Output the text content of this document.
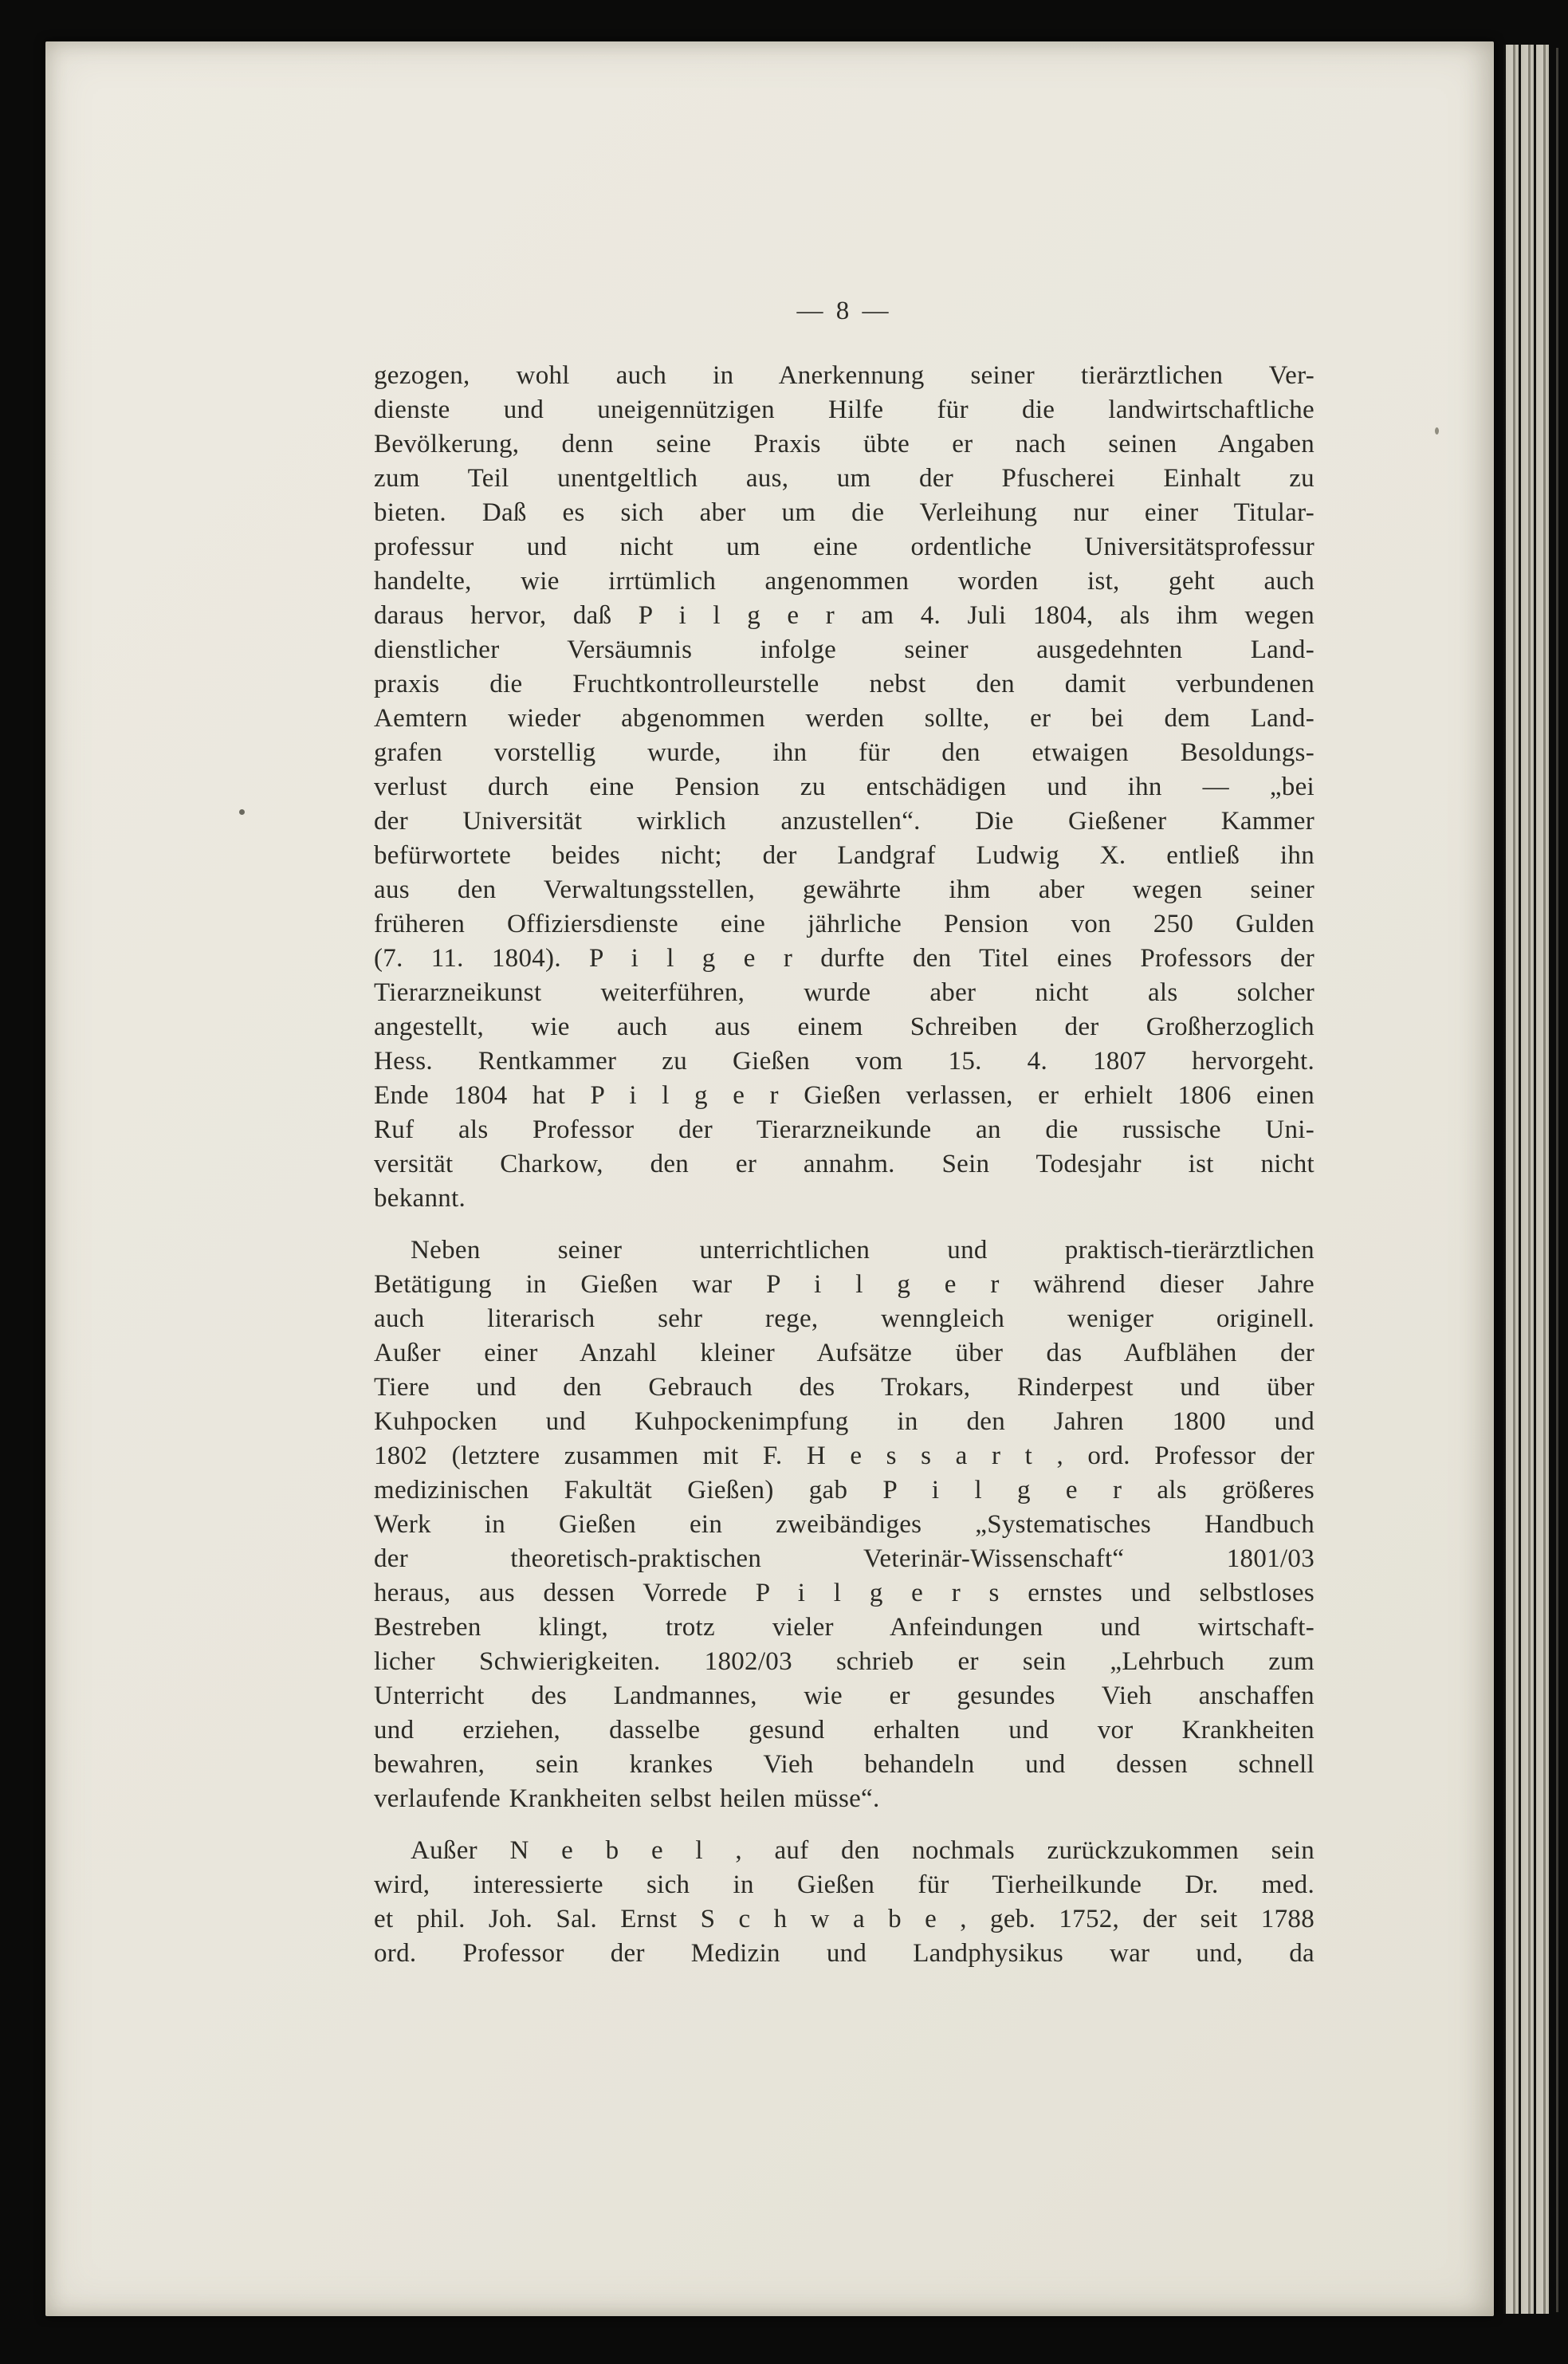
— 8 —
gezogen, wohl auch in Anerkennung seiner tierärztlichen Ver-
dienste und uneigennützigen Hilfe für die landwirtschaftliche
Bevölkerung, denn seine Praxis übte er nach seinen Angaben
zum Teil unentgeltlich aus, um der Pfuscherei Einhalt zu
bieten. Daß es sich aber um die Verleihung nur einer Titular-
professur und nicht um eine ordentliche Universitätsprofessur
handelte, wie irrtümlich angenommen worden ist, geht auch
daraus hervor, daß P i l g e r am 4. Juli 1804, als ihm wegen
dienstlicher Versäumnis infolge seiner ausgedehnten Land-
praxis die Fruchtkontrolleurstelle nebst den damit verbundenen
Aemtern wieder abgenommen werden sollte, er bei dem Land-
grafen vorstellig wurde, ihn für den etwaigen Besoldungs-
verlust durch eine Pension zu entschädigen und ihn — „bei
der Universität wirklich anzustellen“. Die Gießener Kammer
befürwortete beides nicht; der Landgraf Ludwig X. entließ ihn
aus den Verwaltungsstellen, gewährte ihm aber wegen seiner
früheren Offiziersdienste eine jährliche Pension von 250 Gulden
(7. 11. 1804). P i l g e r durfte den Titel eines Professors der
Tierarzneikunst weiterführen, wurde aber nicht als solcher
angestellt, wie auch aus einem Schreiben der Großherzoglich
Hess. Rentkammer zu Gießen vom 15. 4. 1807 hervorgeht.
Ende 1804 hat P i l g e r Gießen verlassen, er erhielt 1806 einen
Ruf als Professor der Tierarzneikunde an die russische Uni-
versität Charkow, den er annahm. Sein Todesjahr ist nicht
bekannt.
Neben seiner unterrichtlichen und praktisch-tierärztlichen
Betätigung in Gießen war P i l g e r während dieser Jahre
auch literarisch sehr rege, wenngleich weniger originell.
Außer einer Anzahl kleiner Aufsätze über das Aufblähen der
Tiere und den Gebrauch des Trokars, Rinderpest und über
Kuhpocken und Kuhpockenimpfung in den Jahren 1800 und
1802 (letztere zusammen mit F. H e s s a r t , ord. Professor der
medizinischen Fakultät Gießen) gab P i l g e r als größeres
Werk in Gießen ein zweibändiges „Systematisches Handbuch
der theoretisch-praktischen Veterinär-Wissenschaft“ 1801/03
heraus, aus dessen Vorrede P i l g e r s ernstes und selbstloses
Bestreben klingt, trotz vieler Anfeindungen und wirtschaft-
licher Schwierigkeiten. 1802/03 schrieb er sein „Lehrbuch zum
Unterricht des Landmannes, wie er gesundes Vieh anschaffen
und erziehen, dasselbe gesund erhalten und vor Krankheiten
bewahren, sein krankes Vieh behandeln und dessen schnell
verlaufende Krankheiten selbst heilen müsse“.
Außer N e b e l , auf den nochmals zurückzukommen sein
wird, interessierte sich in Gießen für Tierheilkunde Dr. med.
et phil. Joh. Sal. Ernst S c h w a b e , geb. 1752, der seit 1788
ord. Professor der Medizin und Landphysikus war und, da
